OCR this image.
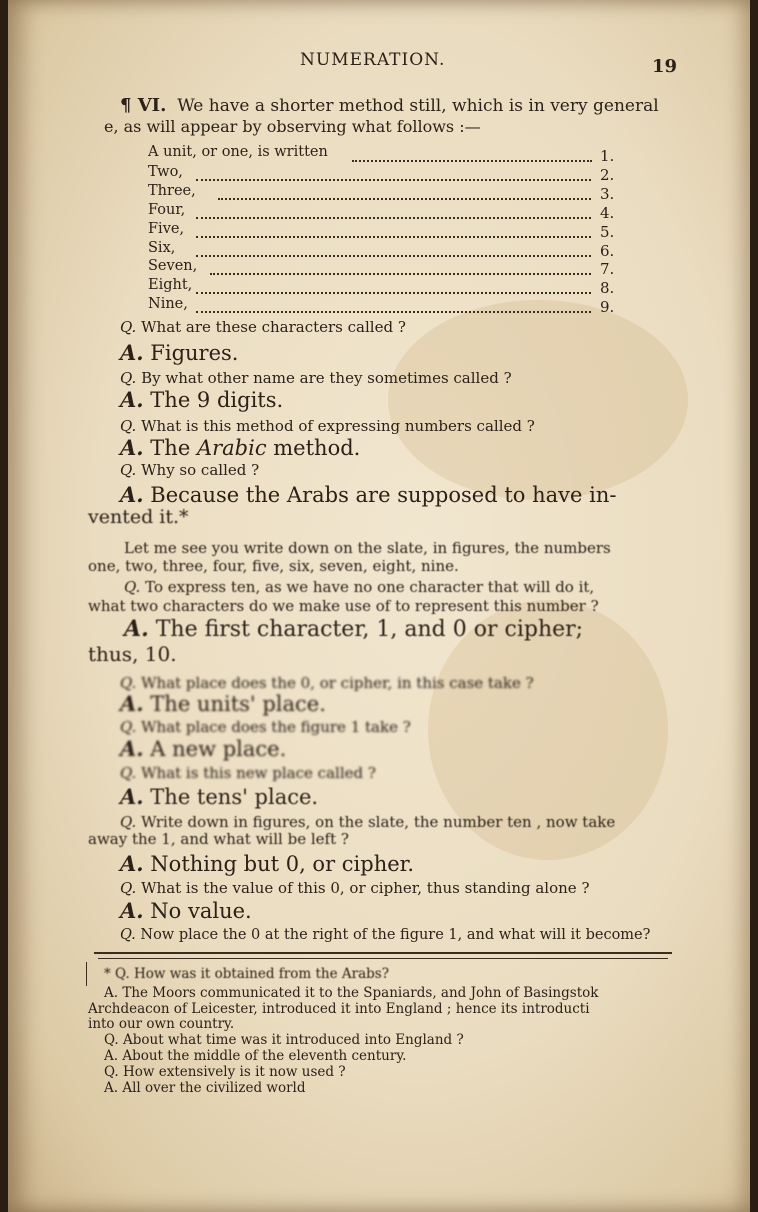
NUMERATION.	19
¶ VI. We have a shorter method still, which is in very general
e, as will appear by observing what follows :—
A unit, or one, is written	1.
Two,	2.
Three,	3.
Four,	4.
Five,	5.
Six,	6.
Seven,	7.
Eight,	8.
Nine,	9.
Q. What are these characters called ?
A. Figures.
Q. By what other name are they sometimes called ?
A. The 9 digits.
Q. What is this method of expressing numbers called ?
A. The Arabic method.
Q. Why so called ?
A. Because the Arabs are supposed to have in-
vented it.*
Let me see you write down on the slate, in figures, the numbers
one, two, three, four, five, six, seven, eight, nine.
Q. To express ten, as we have no one character that will do it,
what two characters do we make use of to represent this number ?
A. The first character, 1, and 0 or cipher;
thus, 10.
Q. What place does the 0, or cipher, in this case take ?
A. The units' place.
Q. What place does the figure 1 take ?
A. A new place.
Q. What is this new place called ?
A. The tens' place.
Q. Write down in figures, on the slate, the number ten , now take
away the 1, and what will be left ?
A. Nothing but 0, or cipher.
Q. What is the value of this 0, or cipher, thus standing alone ?
A. No value.
Q. Now place the 0 at the right of the figure 1, and what will it become?
* Q. How was it obtained from the Arabs?
A. The Moors communicated it to the Spaniards, and John of Basingstok
Archdeacon of Leicester, introduced it into England ; hence its introducti
into our own country.
Q. About what time was it introduced into England ?
A. About the middle of the eleventh century.
Q. How extensively is it now used ?
A. All over the civilized world
